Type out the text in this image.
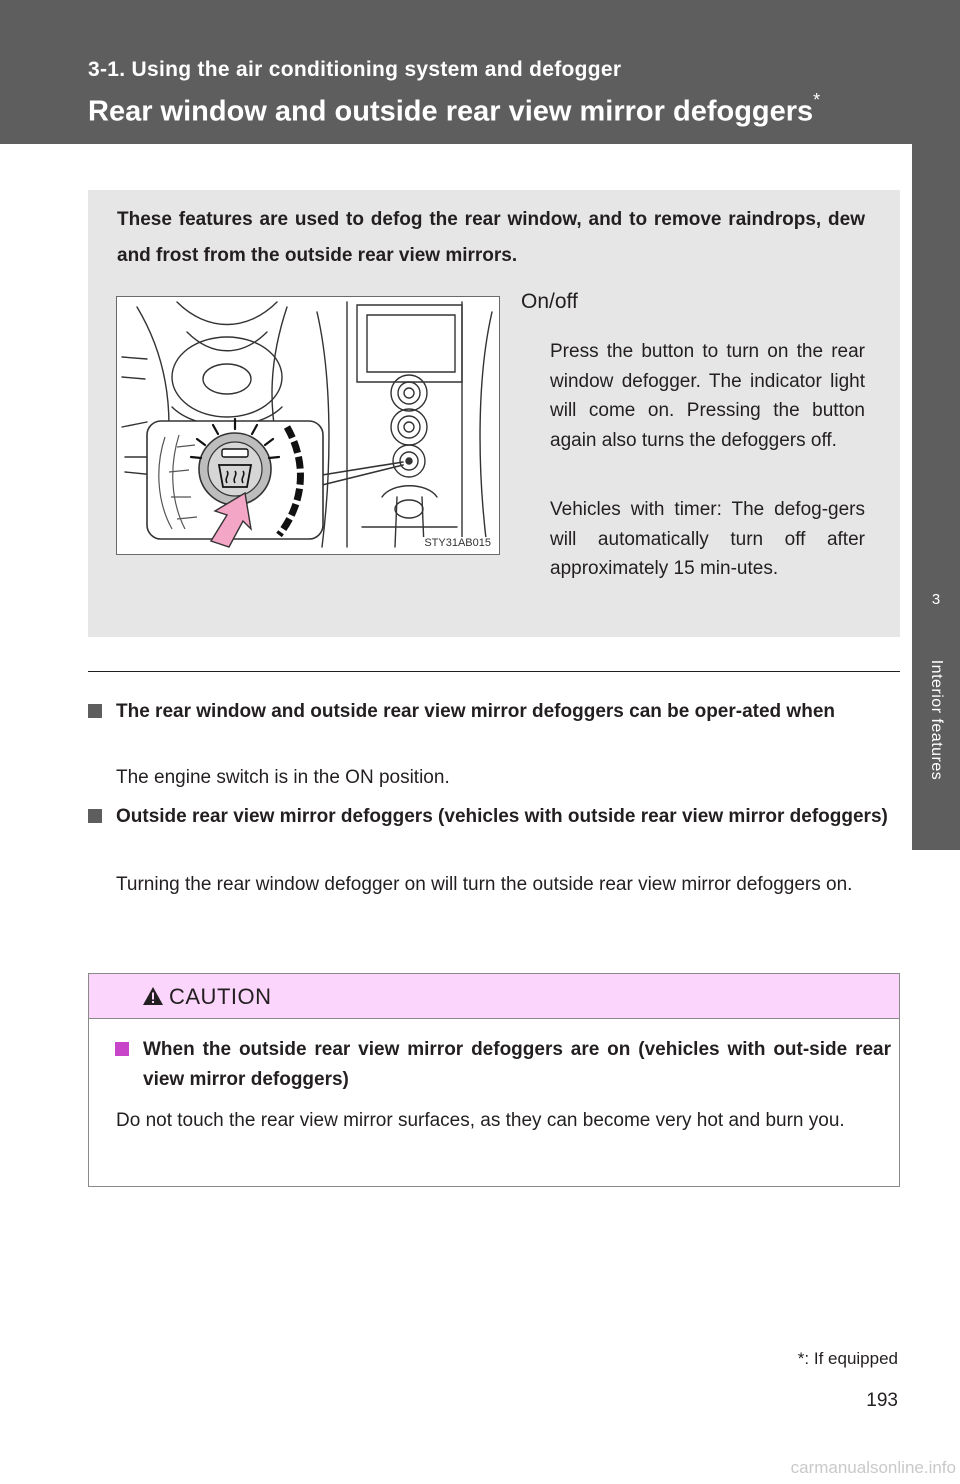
3-1. Using the air conditioning system and defogger
Rear window and outside rear view mirror defoggers*
3
Interior features

These features are used to defog the rear window, and to remove raindrops, dew and frost from the outside rear view mirrors.

STY31AB015
On/off

Press the button to turn on the rear window defogger. The indicator light will come on. Pressing the button again also turns the defoggers off.

Vehicles with timer: The defog-gers will automatically turn off after approximately 15 min-utes.

The rear window and outside rear view mirror defoggers can be oper-ated when

The engine switch is in the ON position.

Outside rear view mirror defoggers (vehicles with outside rear view mirror defoggers)

Turning the rear window defogger on will turn the outside rear view mirror defoggers on.

CAUTION

When the outside rear view mirror defoggers are on (vehicles with out-side rear view mirror defoggers)

Do not touch the rear view mirror surfaces, as they can become very hot and burn you.

*: If equipped

193

carmanualsonline.info
